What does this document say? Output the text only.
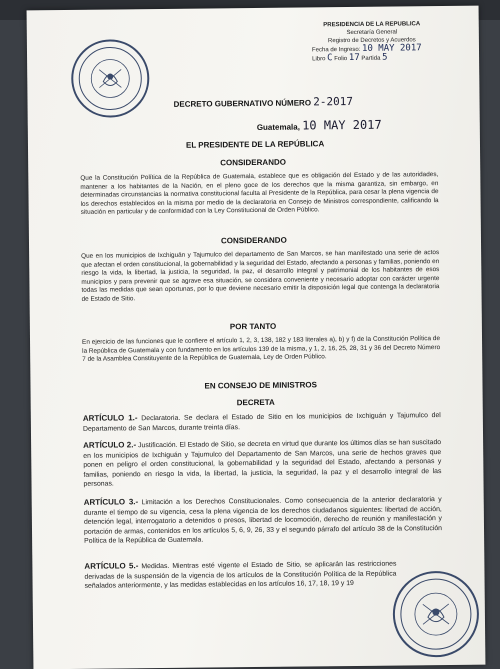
PRESIDENCIA DE LA REPUBLICA
Secretaría General
Registro de Decretos y Acuerdos
Fecha de Ingreso: 10 MAY 2017
Libro C Folio 17 Partida 5
DECRETO GUBERNATIVO NÚMERO 2-2017
Guatemala, 10 MAY 2017
EL PRESIDENTE DE LA REPÚBLICA
CONSIDERANDO
Que la Constitución Política de la República de Guatemala, establece que es obligación del Estado y de las autoridades, mantener a los habitantes de la Nación, en el pleno goce de los derechos que la misma garantiza, sin embargo, en determinadas circunstancias la normativa constitucional faculta al Presidente de la República, para cesar la plena vigencia de los derechos establecidos en la misma por medio de la declaratoria en Consejo de Ministros correspondiente, calificando la situación en particular y de conformidad con la Ley Constitucional de Orden Público.
CONSIDERANDO
Que en los municipios de Ixchiguán y Tajumulco del departamento de San Marcos, se han manifestado una serie de actos que afectan el orden constitucional, la gobernabilidad y la seguridad del Estado, afectando a personas y familias, poniendo en riesgo la vida, la libertad, la justicia, la seguridad, la paz, el desarrollo integral y patrimonial de los habitantes de esos municipios y para prevenir que se agrave esa situación, se considera conveniente y necesario adoptar con carácter urgente todas las medidas que sean oportunas, por lo que deviene necesario emitir la disposición legal que contenga la declaratoria de Estado de Sitio.
POR TANTO
En ejercicio de las funciones que le confiere el artículo 1, 2, 3, 138, 182 y 183 literales a), b) y f) de la Constitución Política de la República de Guatemala y con fundamento en los artículos 139 de la misma, y 1, 2, 16, 25, 28, 31 y 36 del Decreto Número 7 de la Asamblea Constituyente de la República de Guatemala, Ley de Orden Público.
EN CONSEJO DE MINISTROS
DECRETA
ARTÍCULO 1.- Declaratoria. Se declara el Estado de Sitio en los municipios de Ixchiguán y Tajumulco del Departamento de San Marcos, durante treinta días.
ARTÍCULO 2.- Justificación. El Estado de Sitio, se decreta en virtud que durante los últimos días se han suscitado en los municipios de Ixchiguán y Tajumulco del Departamento de San Marcos, una serie de hechos graves que ponen en peligro el orden constitucional, la gobernabilidad y la seguridad del Estado, afectando a personas y familias, poniendo en riesgo la vida, la libertad, la justicia, la seguridad, la paz y el desarrollo integral de las personas.
ARTÍCULO 3.- Limitación a los Derechos Constitucionales. Como consecuencia de la anterior declaratoria y durante el tiempo de su vigencia, cesa la plena vigencia de los derechos ciudadanos siguientes: libertad de acción, detención legal, interrogatorio a detenidos o presos, libertad de locomoción, derecho de reunión y manifestación y portación de armas, contenidos en los artículos 5, 6, 9, 26, 33 y el segundo párrafo del artículo 38 de la Constitución Política de la República de Guatemala.
ARTÍCULO 5.- Medidas. Mientras esté vigente el Estado de Sitio, se aplicarán las restricciones derivadas de la suspensión de la vigencia de los artículos de la Constitución Política de la República señalados anteriormente, y las medidas establecidas en los artículos 16, 17, 18, 19 y 19
